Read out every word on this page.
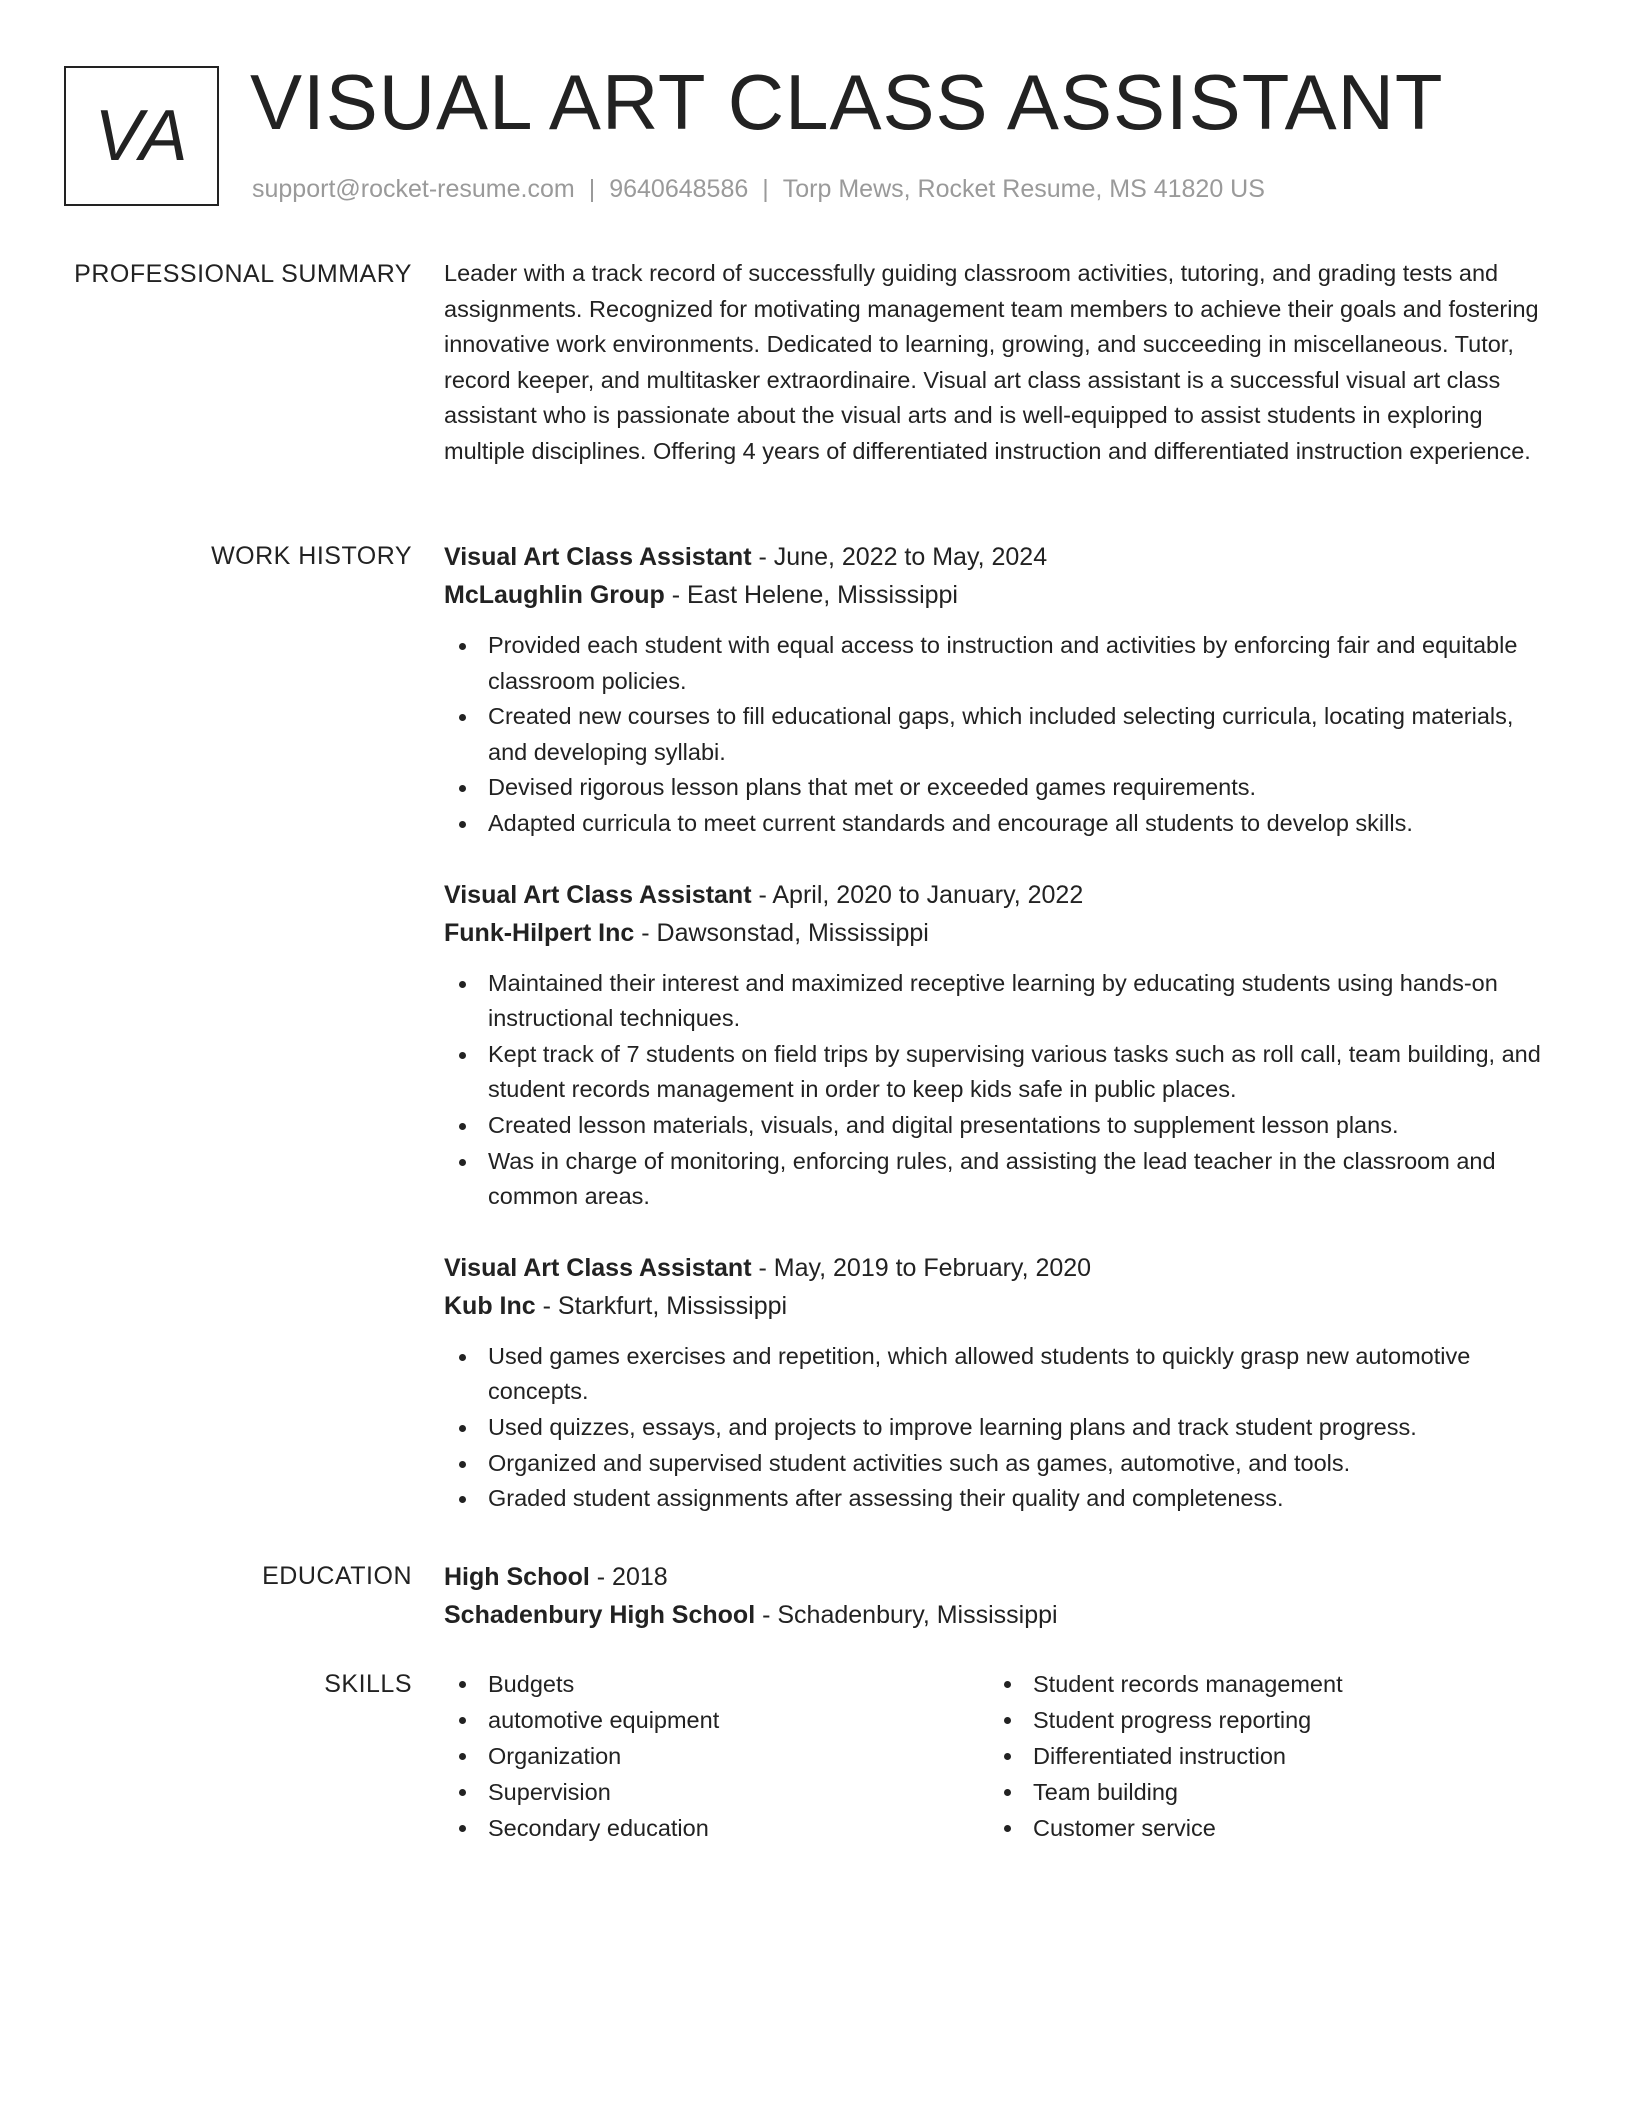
VA VISUAL ART CLASS ASSISTANT
support@rocket-resume.com | 9640648586 | Torp Mews, Rocket Resume, MS 41820 US
PROFESSIONAL SUMMARY Leader with a track record of successfully guiding classroom activities, tutoring, and grading tests and assignments. Recognized for motivating management team members to achieve their goals and fostering innovative work environments. Dedicated to learning, growing, and succeeding in miscellaneous. Tutor, record keeper, and multitasker extraordinaire. Visual art class assistant is a successful visual art class assistant who is passionate about the visual arts and is well-equipped to assist students in exploring multiple disciplines. Offering 4 years of differentiated instruction and differentiated instruction experience.

WORK HISTORY Visual Art Class Assistant - June, 2022 to May, 2024
McLaughlin Group - East Helene, Mississippi
Provided each student with equal access to instruction and activities by enforcing fair and equitable classroom policies.
Created new courses to fill educational gaps, which included selecting curricula, locating materials, and developing syllabi.
Devised rigorous lesson plans that met or exceeded games requirements.
Adapted curricula to meet current standards and encourage all students to develop skills.
Visual Art Class Assistant - April, 2020 to January, 2022
Funk-Hilpert Inc - Dawsonstad, Mississippi
Maintained their interest and maximized receptive learning by educating students using hands-on instructional techniques.
Kept track of 7 students on field trips by supervising various tasks such as roll call, team building, and student records management in order to keep kids safe in public places.
Created lesson materials, visuals, and digital presentations to supplement lesson plans.
Was in charge of monitoring, enforcing rules, and assisting the lead teacher in the classroom and common areas.
Visual Art Class Assistant - May, 2019 to February, 2020
Kub Inc - Starkfurt, Mississippi
Used games exercises and repetition, which allowed students to quickly grasp new automotive concepts.
Used quizzes, essays, and projects to improve learning plans and track student progress.
Organized and supervised student activities such as games, automotive, and tools.
Graded student assignments after assessing their quality and completeness.
EDUCATION High School - 2018
Schadenbury High School - Schadenbury, Mississippi
SKILLS	Budgets
automotive equipment
Organization
Supervision
Secondary education
Student records management
Student progress reporting
Differentiated instruction
Team building
Customer service
